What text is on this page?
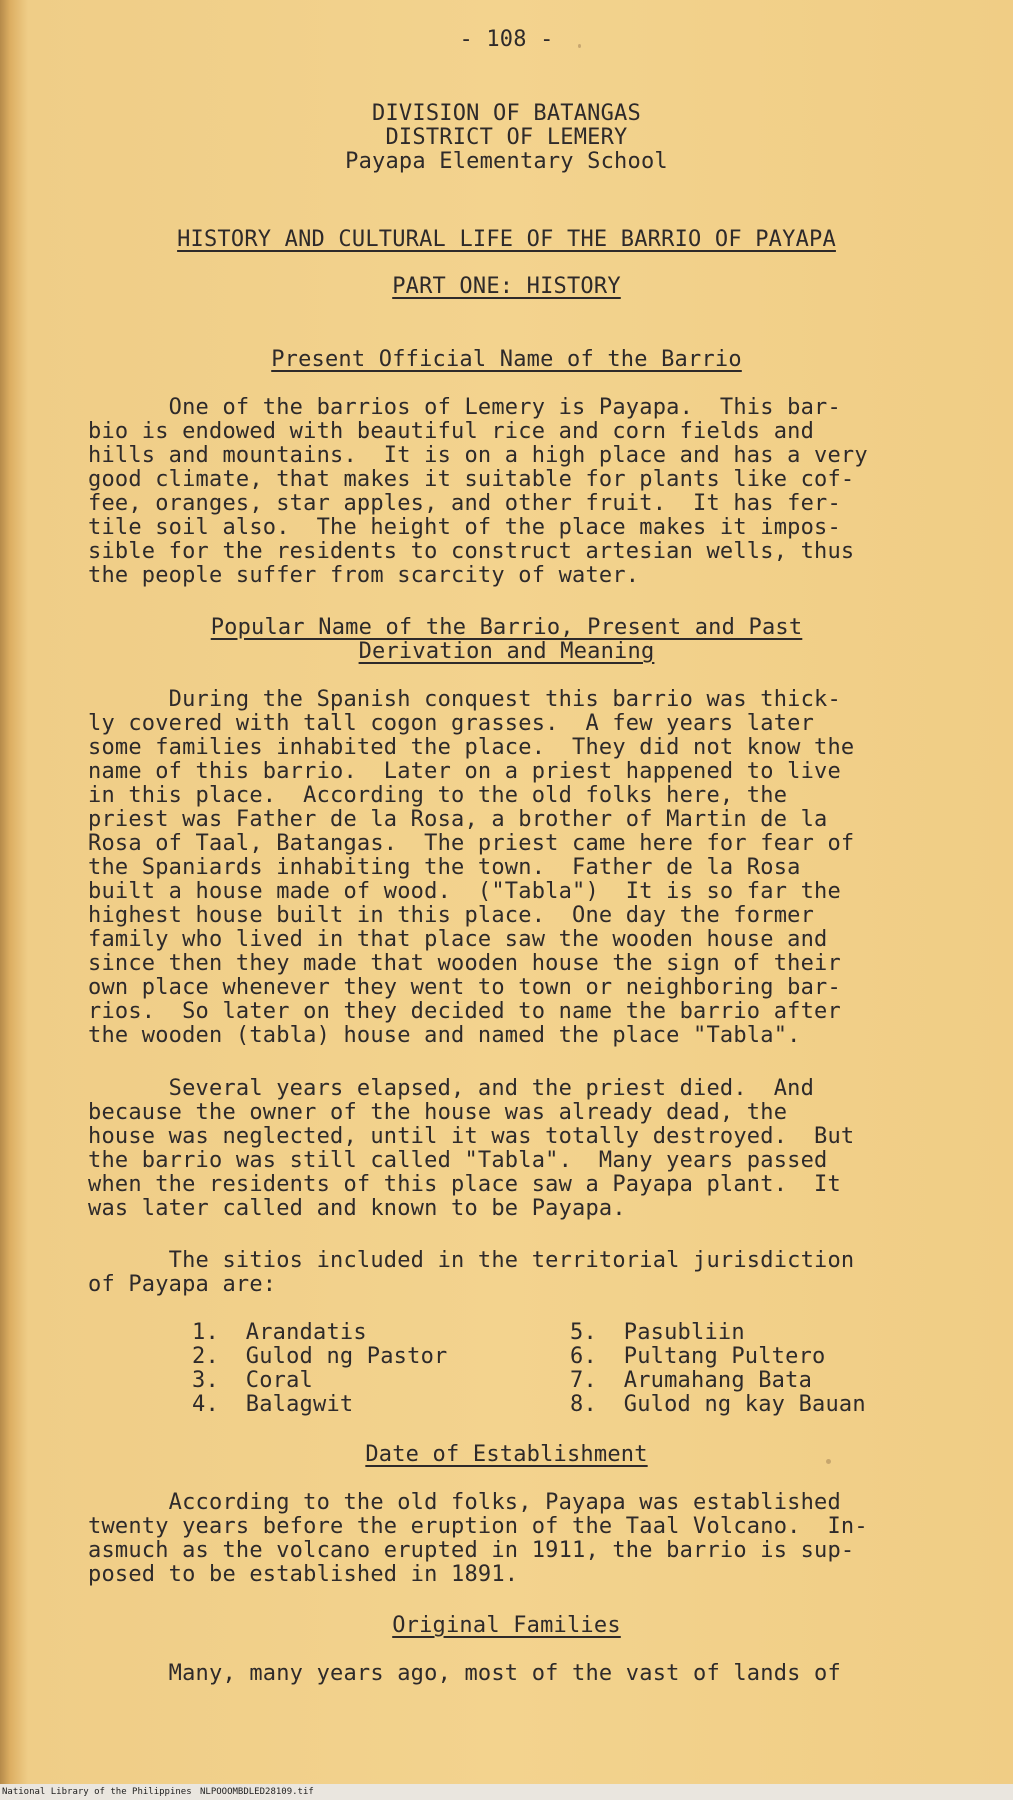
- 108 -
DIVISION OF BATANGAS
DISTRICT OF LEMERY
Payapa Elementary School
HISTORY AND CULTURAL LIFE OF THE BARRIO OF PAYAPA
PART ONE: HISTORY
Present Official Name of the Barrio
One of the barrios of Lemery is Payapa.  This bar-
bio is endowed with beautiful rice and corn fields and
hills and mountains.  It is on a high place and has a very
good climate, that makes it suitable for plants like cof-
fee, oranges, star apples, and other fruit.  It has fer-
tile soil also.  The height of the place makes it impos-
sible for the residents to construct artesian wells, thus
the people suffer from scarcity of water.
Popular Name of the Barrio, Present and Past
Derivation and Meaning
During the Spanish conquest this barrio was thick-
ly covered with tall cogon grasses.  A few years later
some families inhabited the place.  They did not know the
name of this barrio.  Later on a priest happened to live
in this place.  According to the old folks here, the
priest was Father de la Rosa, a brother of Martin de la
Rosa of Taal, Batangas.  The priest came here for fear of
the Spaniards inhabiting the town.  Father de la Rosa
built a house made of wood.  ("Tabla")  It is so far the
highest house built in this place.  One day the former
family who lived in that place saw the wooden house and
since then they made that wooden house the sign of their
own place whenever they went to town or neighboring bar-
rios.  So later on they decided to name the barrio after
the wooden (tabla) house and named the place "Tabla".
Several years elapsed, and the priest died.  And
because the owner of the house was already dead, the
house was neglected, until it was totally destroyed.  But
the barrio was still called "Tabla".  Many years passed
when the residents of this place saw a Payapa plant.  It
was later called and known to be Payapa.
The sitios included in the territorial jurisdiction
of Payapa are:
1.  Arandatis
2.  Gulod ng Pastor
3.  Coral
4.  Balagwit
5.  Pasubliin
6.  Pultang Pultero
7.  Arumahang Bata
8.  Gulod ng kay Bauan
Date of Establishment
According to the old folks, Payapa was established
twenty years before the eruption of the Taal Volcano.  In-
asmuch as the volcano erupted in 1911, the barrio is sup-
posed to be established in 1891.
Original Families
Many, many years ago, most of the vast of lands of
National Library of the Philippines NLPOOOMBDLED28109.tif
